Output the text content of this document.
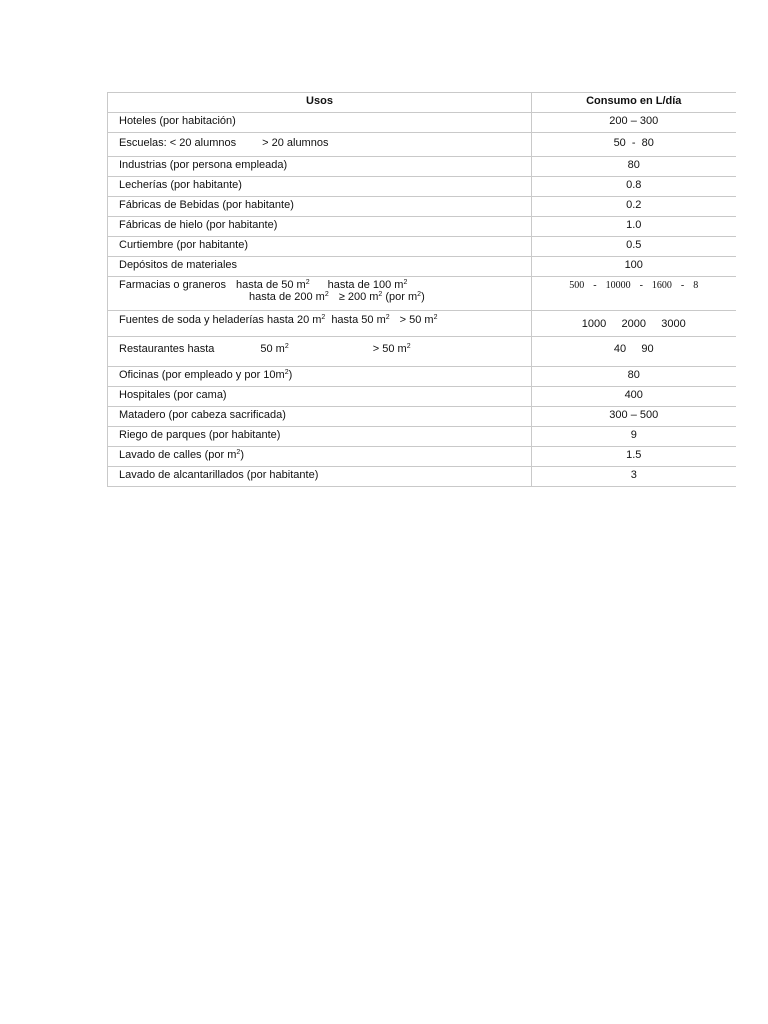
Usos	Consumo en L/día
Hoteles (por habitación)	200 – 300
Escuelas: < 20 alumnos > 20 alumnos	50  -  80
Industrias (por persona empleada)	80
Lecherías (por habitante)	0.8
Fábricas de Bebidas (por habitante)	0.2
Fábricas de hielo (por habitante)	1.0
Curtiembre (por habitante)	0.5
Depósitos de materiales	100
Farmacias o graneros hasta de 50 $m^2$ hasta de 100 $m^2$
hasta de 200 $m^2 \ge 200$ $m^2$ (por $m^2$)	500  -  10000  -  1600  -  8
Fuentes de soda y heladerías hasta 20 $m^2$ hasta 50 $m^2 > 50$ $m^2$	1000     2000     3000
Restaurantes hasta 50 $m^2 > 50$ $m^2$	40     90
Oficinas (por empleado y por $10m^2$)	80
Hospitales (por cama)	400
Matadero (por cabeza sacrificada)	300 – 500
Riego de parques (por habitante)	9
Lavado de calles (por $m^2$)	1.5
Lavado de alcantarillados (por habitante)	3
